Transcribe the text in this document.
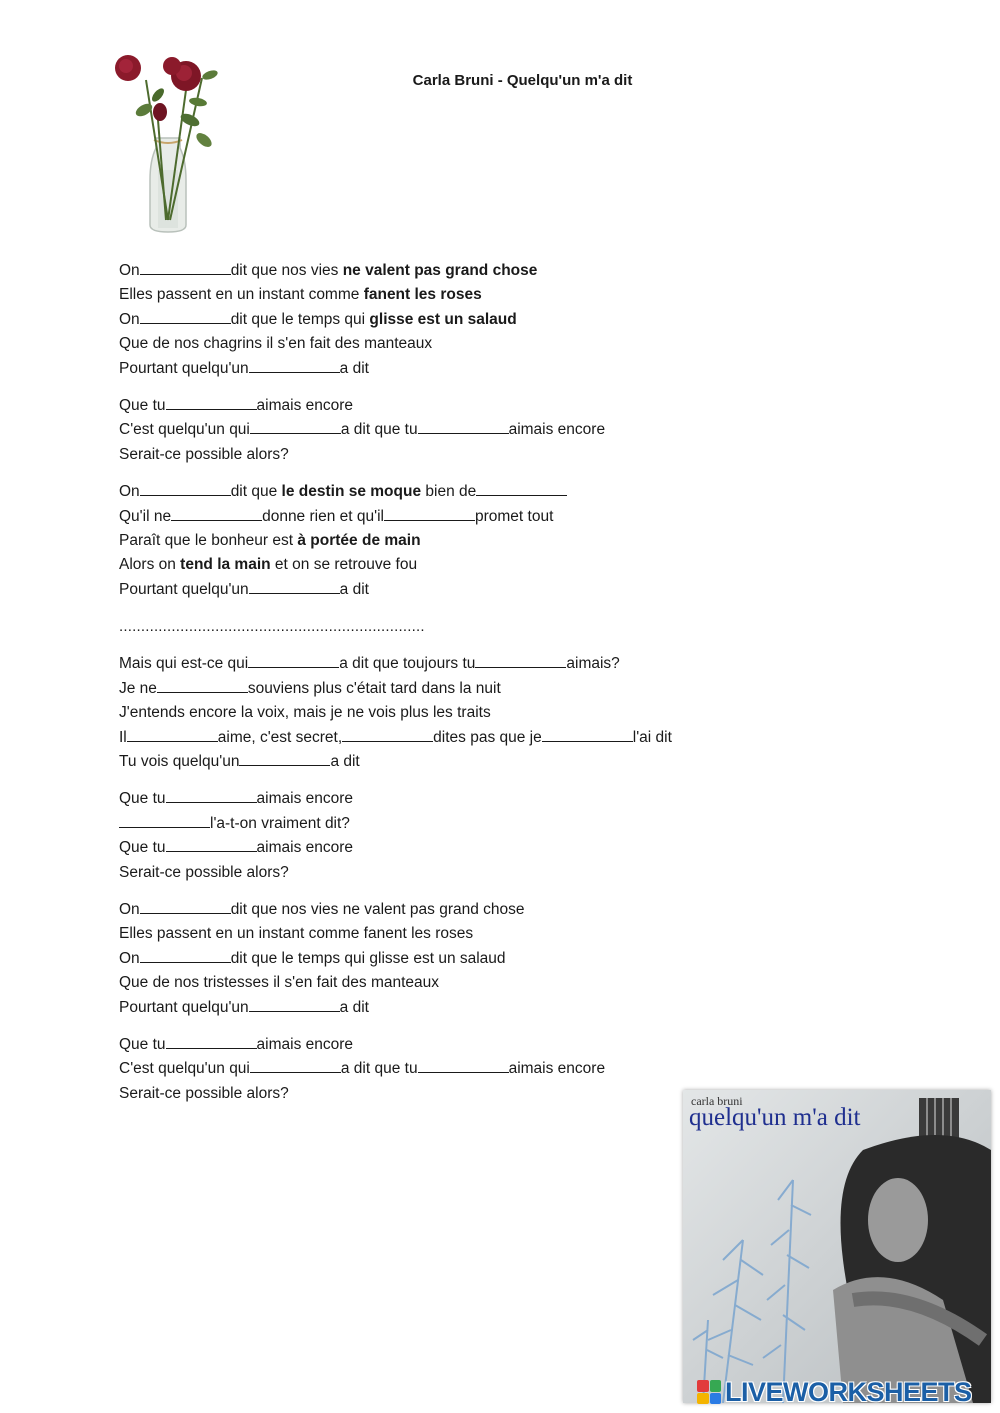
Carla Bruni - Quelqu'un m'a dit
On	dit que nos vies ne valent pas grand chose
Elles passent en un instant comme fanent les roses
On	dit que le temps qui glisse est un salaud
Que de nos chagrins il s'en fait des manteaux
Pourtant quelqu'un	a dit
Que tu	aimais encore
C'est quelqu'un qui	a dit que tu	aimais encore
Serait-ce possible alors?
On	dit que le destin se moque bien de
Qu'il ne	donne rien et qu'il	promet tout
Paraît que le bonheur est à portée de main
Alors on tend la main et on se retrouve fou
Pourtant quelqu'un	a dit
......................................................................
Mais qui est-ce qui	a dit que toujours tu	aimais?
Je ne	souviens plus c'était tard dans la nuit
J'entends encore la voix, mais je ne vois plus les traits
Il	aime, c'est secret,	dites pas que je	l'ai dit
Tu vois quelqu'un	a dit
Que tu	aimais encore
l'a-t-on vraiment dit?
Que tu	aimais encore
Serait-ce possible alors?
On	dit que nos vies ne valent pas grand chose
Elles passent en un instant comme fanent les roses
On	dit que le temps qui glisse est un salaud
Que de nos tristesses il s'en fait des manteaux
Pourtant quelqu'un	a dit
Que tu	aimais encore
C'est quelqu'un qui	a dit que tu	aimais encore
Serait-ce possible alors?	carla bruni
quelqu'un m'a dit
LIVEWORKSHEETS
